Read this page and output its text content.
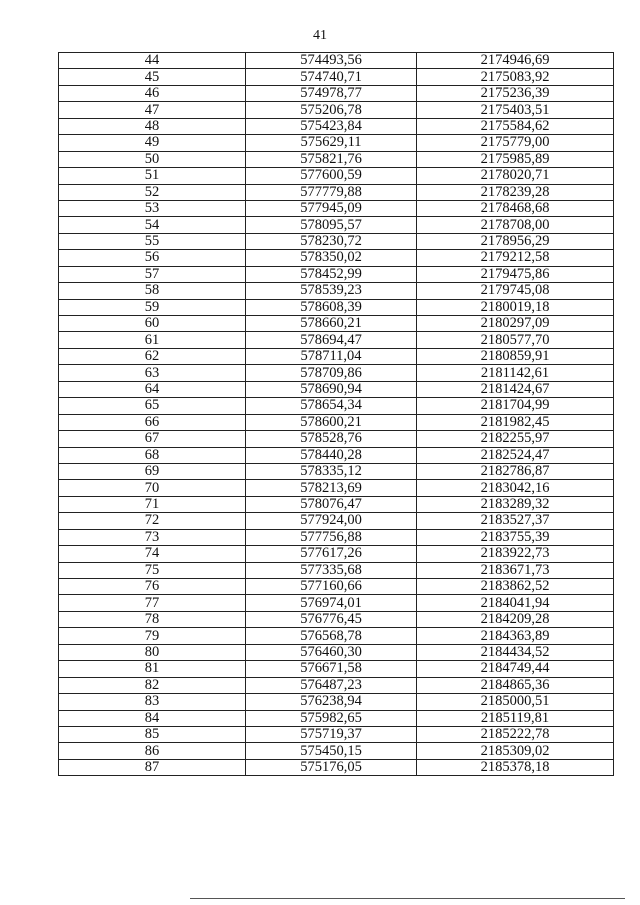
41
44	574493,56	2174946,69
45	574740,71	2175083,92
46	574978,77	2175236,39
47	575206,78	2175403,51
48	575423,84	2175584,62
49	575629,11	2175779,00
50	575821,76	2175985,89
51	577600,59	2178020,71
52	577779,88	2178239,28
53	577945,09	2178468,68
54	578095,57	2178708,00
55	578230,72	2178956,29
56	578350,02	2179212,58
57	578452,99	2179475,86
58	578539,23	2179745,08
59	578608,39	2180019,18
60	578660,21	2180297,09
61	578694,47	2180577,70
62	578711,04	2180859,91
63	578709,86	2181142,61
64	578690,94	2181424,67
65	578654,34	2181704,99
66	578600,21	2181982,45
67	578528,76	2182255,97
68	578440,28	2182524,47
69	578335,12	2182786,87
70	578213,69	2183042,16
71	578076,47	2183289,32
72	577924,00	2183527,37
73	577756,88	2183755,39
74	577617,26	2183922,73
75	577335,68	2183671,73
76	577160,66	2183862,52
77	576974,01	2184041,94
78	576776,45	2184209,28
79	576568,78	2184363,89
80	576460,30	2184434,52
81	576671,58	2184749,44
82	576487,23	2184865,36
83	576238,94	2185000,51
84	575982,65	2185119,81
85	575719,37	2185222,78
86	575450,15	2185309,02
87	575176,05	2185378,18
